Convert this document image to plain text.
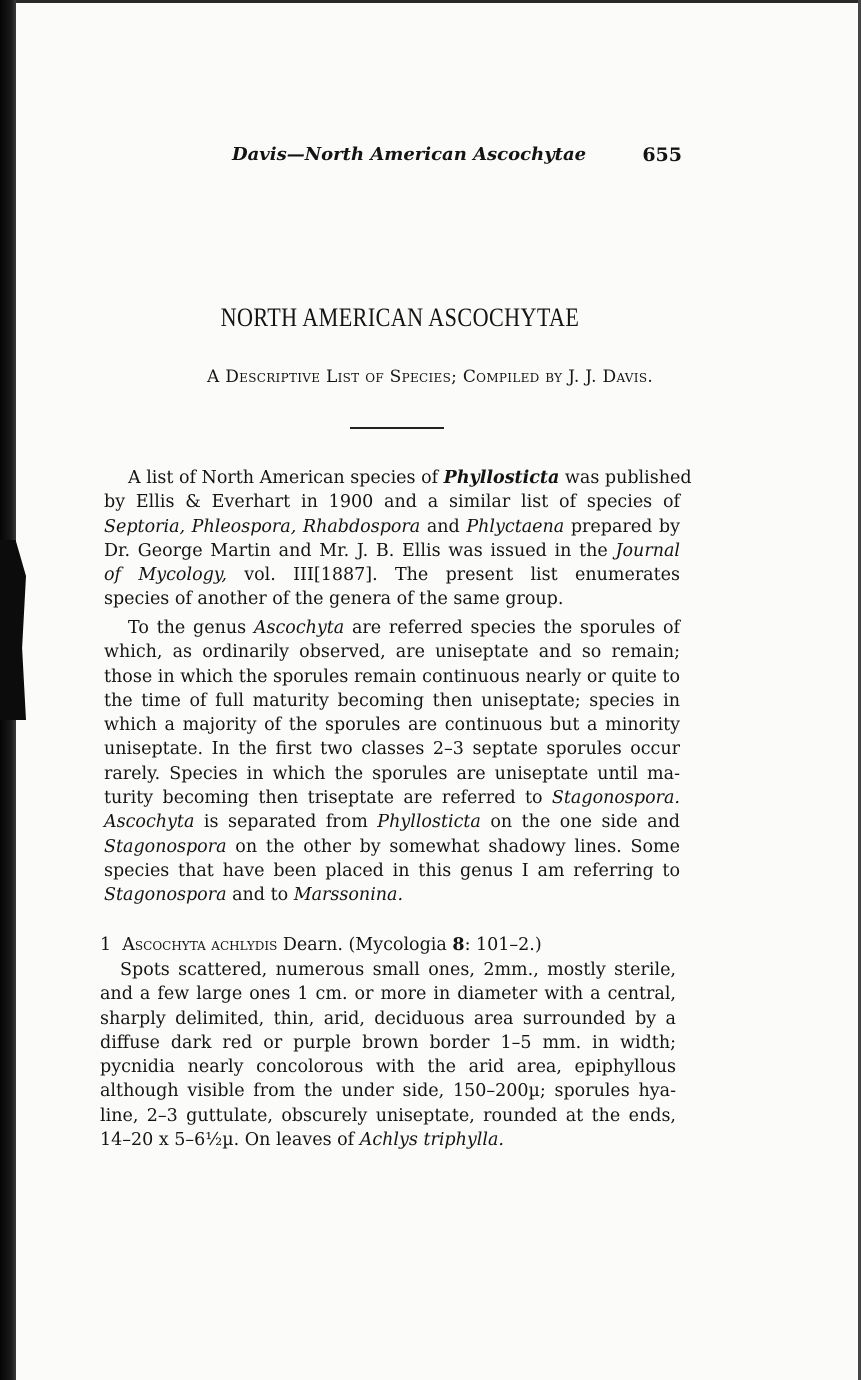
Davis—North American Ascochytae	655
NORTH AMERICAN ASCOCHYTAE
A Descriptive List of Species; Compiled by J. J. Davis.
A list of North American species of Phyllosticta was published
by Ellis & Everhart in 1900 and a similar list of species of
Septoria, Phleospora, Rhabdospora and Phlyctaena prepared by
Dr. George Martin and Mr. J. B. Ellis was issued in the Journal
of Mycology, vol. III[1887]. The present list enumerates
species of another of the genera of the same group.
To the genus Ascochyta are referred species the sporules of
which, as ordinarily observed, are uniseptate and so remain;
those in which the sporules remain continuous nearly or quite to
the time of full maturity becoming then uniseptate; species in
which a majority of the sporules are continuous but a minority
uniseptate. In the first two classes 2–3 septate sporules occur
rarely. Species in which the sporules are uniseptate until ma-
turity becoming then triseptate are referred to Stagonospora.
Ascochyta is separated from Phyllosticta on the one side and
Stagonospora on the other by somewhat shadowy lines. Some
species that have been placed in this genus I am referring to
Stagonospora and to Marssonina.
1 Ascochyta achlydis Dearn. (Mycologia 8: 101–2.)
Spots scattered, numerous small ones, 2mm., mostly sterile,
and a few large ones 1 cm. or more in diameter with a central,
sharply delimited, thin, arid, deciduous area surrounded by a
diffuse dark red or purple brown border 1–5 mm. in width;
pycnidia nearly concolorous with the arid area, epiphyllous
although visible from the under side, 150–200µ; sporules hya-
line, 2–3 guttulate, obscurely uniseptate, rounded at the ends,
14–20 x 5–6½µ. On leaves of Achlys triphylla.
